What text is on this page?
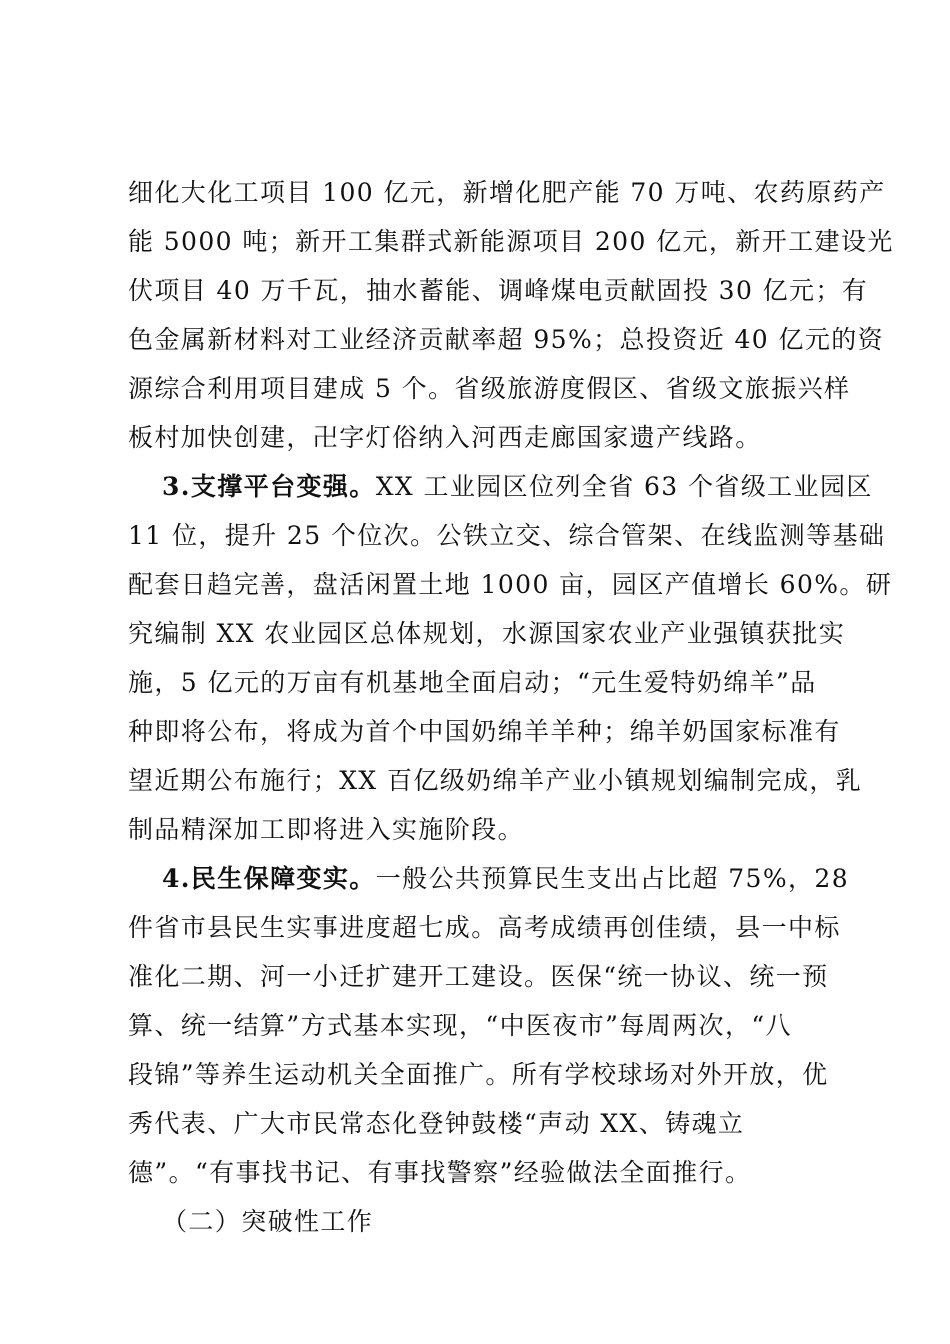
细化大化工项目 100 亿元，新增化肥产能 70 万吨、农药原药产
能 5000 吨；新开工集群式新能源项目 200 亿元，新开工建设光
伏项目 40 万千瓦，抽水蓄能、调峰煤电贡献固投 30 亿元；有
色金属新材料对工业经济贡献率超 95%；总投资近 40 亿元的资
源综合利用项目建成 5 个。省级旅游度假区、省级文旅振兴样
板村加快创建，卍字灯俗纳入河西走廊国家遗产线路。
3.支撑平台变强。XX 工业园区位列全省 63 个省级工业园区
11 位，提升 25 个位次。公铁立交、综合管架、在线监测等基础
配套日趋完善，盘活闲置土地 1000 亩，园区产值增长 60%。研
究编制 XX 农业园区总体规划，水源国家农业产业强镇获批实
施，5 亿元的万亩有机基地全面启动；“元生爱特奶绵羊”品
种即将公布，将成为首个中国奶绵羊羊种；绵羊奶国家标准有
望近期公布施行；XX 百亿级奶绵羊产业小镇规划编制完成，乳
制品精深加工即将进入实施阶段。
4.民生保障变实。一般公共预算民生支出占比超 75%，28
件省市县民生实事进度超七成。高考成绩再创佳绩，县一中标
准化二期、河一小迁扩建开工建设。医保“统一协议、统一预
算、统一结算”方式基本实现，“中医夜市”每周两次，“八
段锦”等养生运动机关全面推广。所有学校球场对外开放，优
秀代表、广大市民常态化登钟鼓楼“声动 XX、铸魂立
德”。“有事找书记、有事找警察”经验做法全面推行。
（二）突破性工作
